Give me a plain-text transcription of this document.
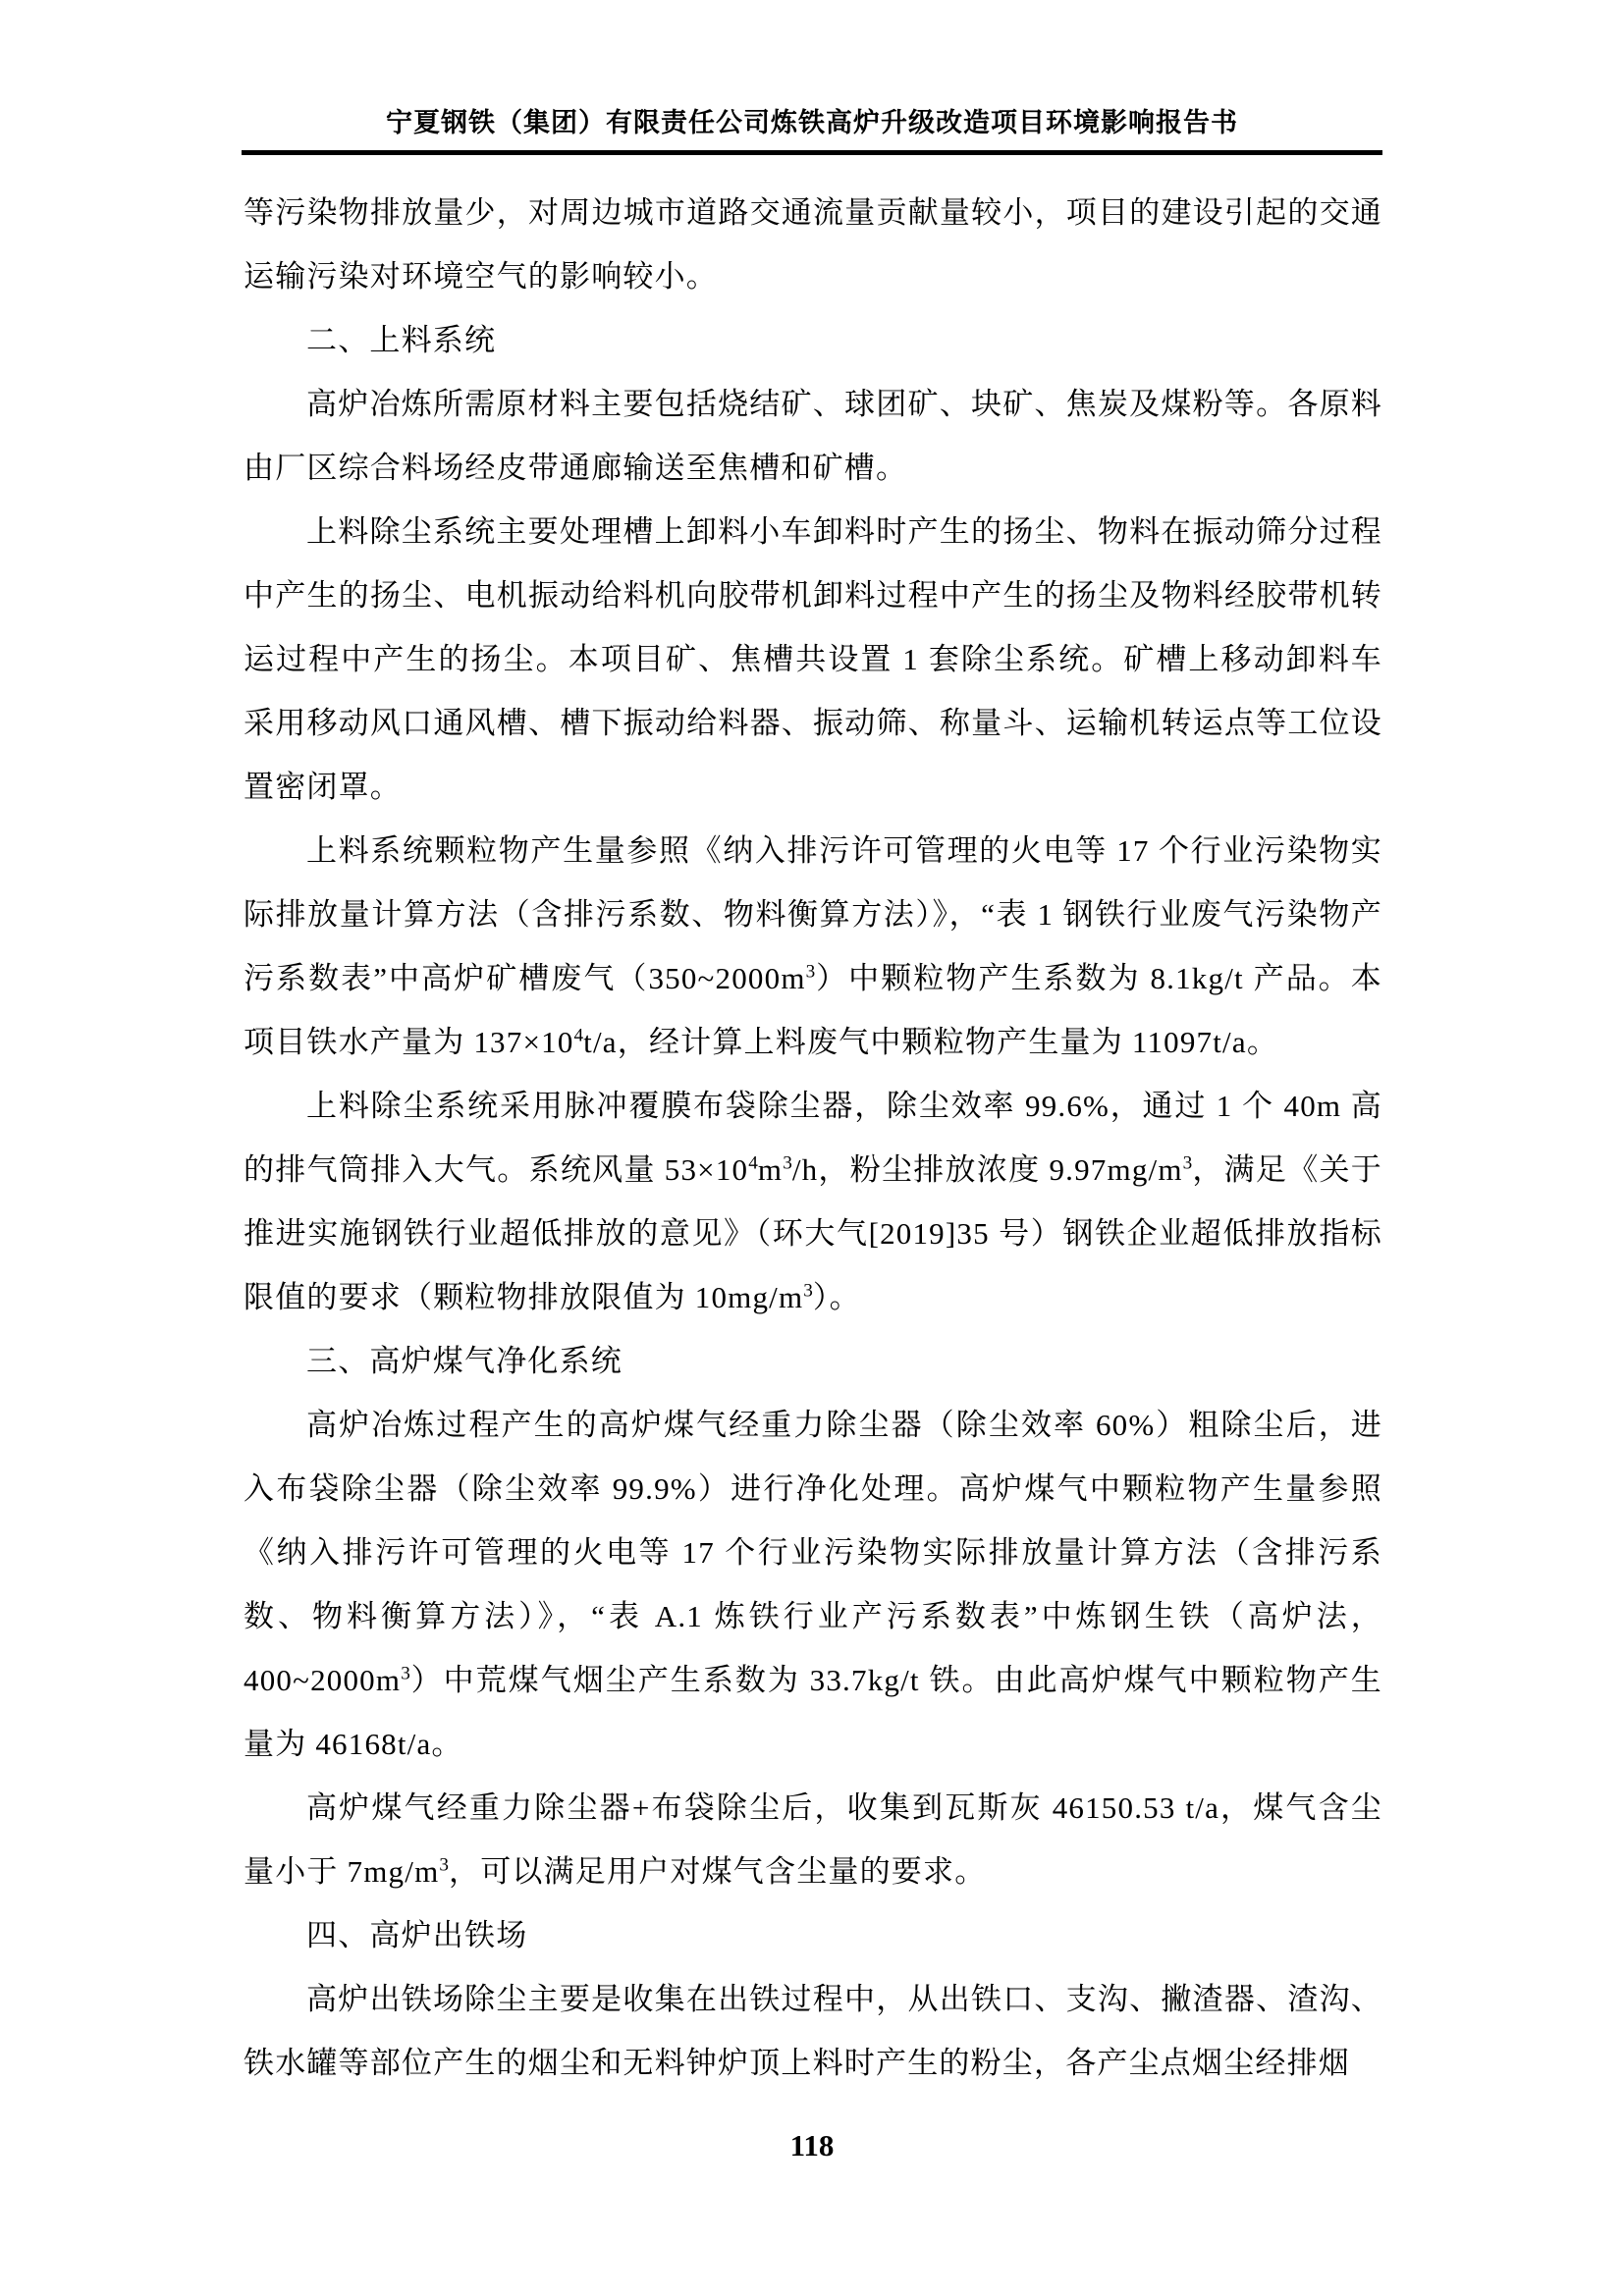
宁夏钢铁（集团）有限责任公司炼铁高炉升级改造项目环境影响报告书

等污染物排放量少，对周边城市道路交通流量贡献量较小，项目的建设引起的交通运输污染对环境空气的影响较小。

二、上料系统

高炉冶炼所需原材料主要包括烧结矿、球团矿、块矿、焦炭及煤粉等。各原料由厂区综合料场经皮带通廊输送至焦槽和矿槽。

上料除尘系统主要处理槽上卸料小车卸料时产生的扬尘、物料在振动筛分过程中产生的扬尘、电机振动给料机向胶带机卸料过程中产生的扬尘及物料经胶带机转运过程中产生的扬尘。本项目矿、焦槽共设置 1 套除尘系统。矿槽上移动卸料车采用移动风口通风槽、槽下振动给料器、振动筛、称量斗、运输机转运点等工位设置密闭罩。

上料系统颗粒物产生量参照《纳入排污许可管理的火电等 17 个行业污染物实际排放量计算方法（含排污系数、物料衡算方法）》，“表 1 钢铁行业废气污染物产污系数表”中高炉矿槽废气$(350\sim 2000m^3)$中颗粒物产生系数为 8.1kg/t 产品。本项目铁水产量为 $137\times 10^4t/a$，经计算上料废气中颗粒物产生量为 11097t/a。

上料除尘系统采用脉冲覆膜布袋除尘器，除尘效率 99.6%，通过 1 个 40m 高的排气筒排入大气。系统风量 $53\times 10^4m^3/h$，粉尘排放浓度 $9.97mg/m^3$，满足《关于推进实施钢铁行业超低排放的意见》（环大气[2019]35 号）钢铁企业超低排放指标限值的要求（颗粒物排放限值为 $10mg/m^3$）。

三、高炉煤气净化系统

高炉冶炼过程产生的高炉煤气经重力除尘器（除尘效率 60%）粗除尘后，进入布袋除尘器（除尘效率 99.9%）进行净化处理。高炉煤气中颗粒物产生量参照《纳入排污许可管理的火电等 17 个行业污染物实际排放量计算方法（含排污系数、物料衡算方法）》，“表 A.1 炼铁行业产污系数表”中炼钢生铁（高炉法，$400\sim 2000m^3$）中荒煤气烟尘产生系数为 33.7kg/t 铁。由此高炉煤气中颗粒物产生量为 46168t/a。

高炉煤气经重力除尘器+布袋除尘后，收集到瓦斯灰 46150.53 t/a，煤气含尘量小于 $7mg/m^3$，可以满足用户对煤气含尘量的要求。

四、高炉出铁场

高炉出铁场除尘主要是收集在出铁过程中，从出铁口、支沟、撇渣器、渣沟、铁水罐等部位产生的烟尘和无料钟炉顶上料时产生的粉尘，各产尘点烟尘经排烟

118
